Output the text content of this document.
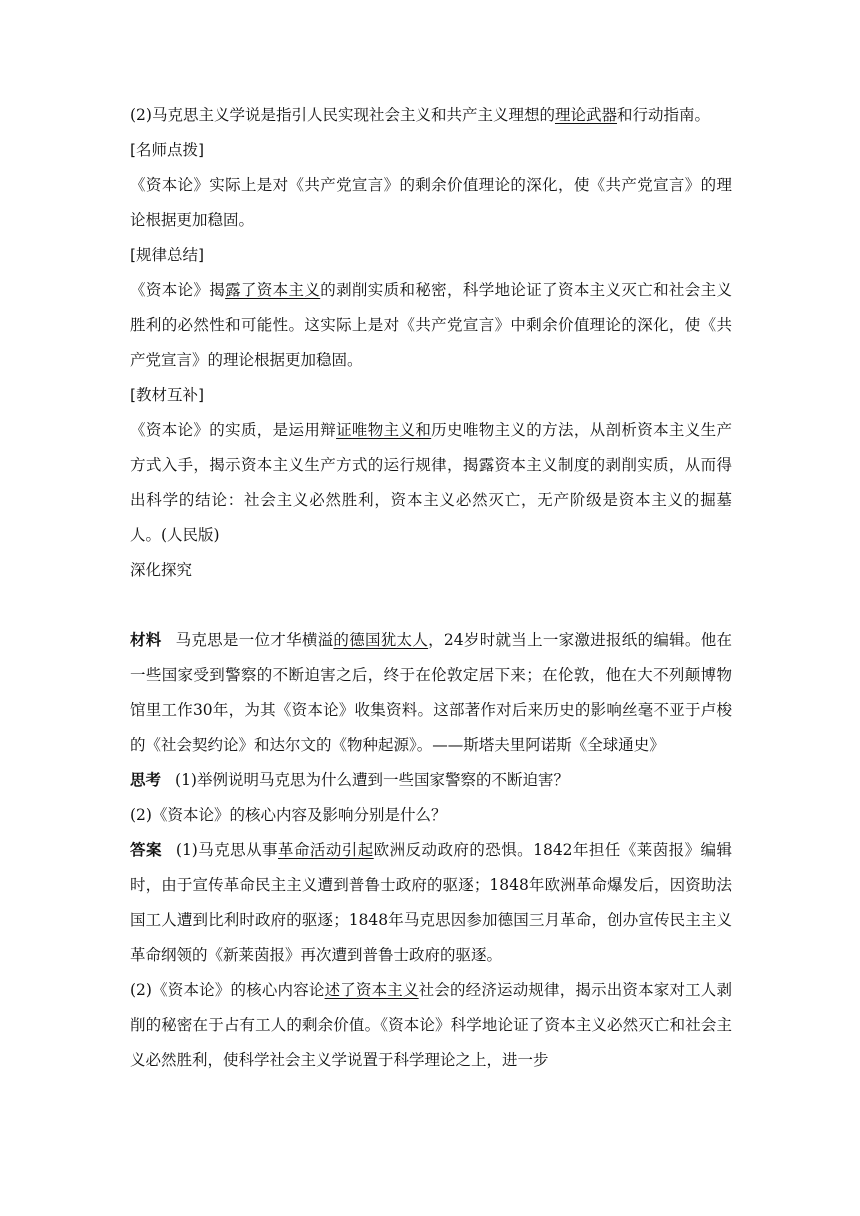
(2)马克思主义学说是指引人民实现社会主义和共产主义理想的理论武器和行动指南。

[名师点拨]

《资本论》实际上是对《共产党宣言》的剩余价值理论的深化，使《共产党宣言》的理论根据更加稳固。

[规律总结]

《资本论》揭露了资本主义的剥削实质和秘密，科学地论证了资本主义灭亡和社会主义胜利的必然性和可能性。这实际上是对《共产党宣言》中剩余价值理论的深化，使《共产党宣言》的理论根据更加稳固。

[教材互补]

《资本论》的实质，是运用辩证唯物主义和历史唯物主义的方法，从剖析资本主义生产方式入手，揭示资本主义生产方式的运行规律，揭露资本主义制度的剥削实质，从而得出科学的结论：社会主义必然胜利，资本主义必然灭亡，无产阶级是资本主义的掘墓人。(人民版)

深化探究

材料 马克思是一位才华横溢的德国犹太人，24岁时就当上一家激进报纸的编辑。他在一些国家受到警察的不断迫害之后，终于在伦敦定居下来；在伦敦，他在大不列颠博物馆里工作30年，为其《资本论》收集资料。这部著作对后来历史的影响丝毫不亚于卢梭的《社会契约论》和达尔文的《物种起源》。——斯塔夫里阿诺斯《全球通史》

思考 (1)举例说明马克思为什么遭到一些国家警察的不断迫害？

(2)《资本论》的核心内容及影响分别是什么？

答案 (1)马克思从事革命活动引起欧洲反动政府的恐惧。1842年担任《莱茵报》编辑时，由于宣传革命民主主义遭到普鲁士政府的驱逐；1848年欧洲革命爆发后，因资助法国工人遭到比利时政府的驱逐；1848年马克思因参加德国三月革命，创办宣传民主主义革命纲领的《新莱茵报》再次遭到普鲁士政府的驱逐。

(2)《资本论》的核心内容论述了资本主义社会的经济运动规律，揭示出资本家对工人剥削的秘密在于占有工人的剩余价值。《资本论》科学地论证了资本主义必然灭亡和社会主义必然胜利，使科学社会主义学说置于科学理论之上，进一步
